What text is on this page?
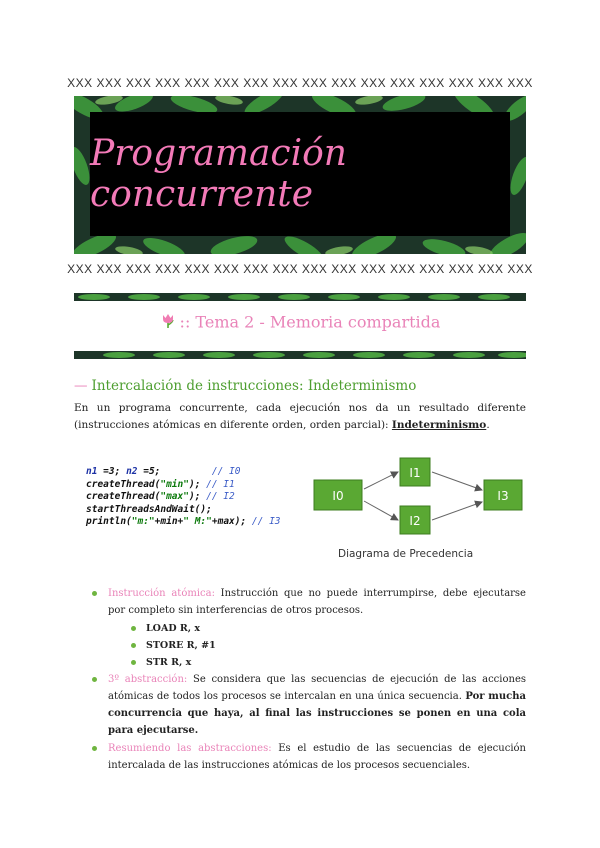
XXX XXX XXX XXX XXX XXX XXX XXX XXX XXX XXX XXX XXX XXX XXX XXX
Programación concurrente
XXX XXX XXX XXX XXX XXX XXX XXX XXX XXX XXX XXX XXX XXX XXX XXX
:: Tema 2 - Memoria compartida
— Intercalación de instrucciones: Indeterminismo
En un programa concurrente, cada ejecución nos da un resultado diferente (instrucciones atómicas en diferente orden, orden parcial): Indeterminismo.
n1 =3; n2 =5;         // I0
createThread("min"); // I1
createThread("max"); // I2
startThreadsAndWait();
println("m:"+min+" M:"+max); // I3
I0
I1
I2
I3
Diagrama de Precedencia
Instrucción atómica: Instrucción que no puede interrumpirse, debe ejecutarse por completo sin interferencias de otros procesos.
LOAD R, x
STORE R, #1
STR R, x
3º abstracción: Se considera que las secuencias de ejecución de las acciones atómicas de todos los procesos se intercalan en una única secuencia. Por mucha concurrencia que haya, al final las instrucciones se ponen en una cola para ejecutarse.
Resumiendo las abstracciones: Es el estudio de las secuencias de ejecución intercalada de las instrucciones atómicas de los procesos secuenciales.
